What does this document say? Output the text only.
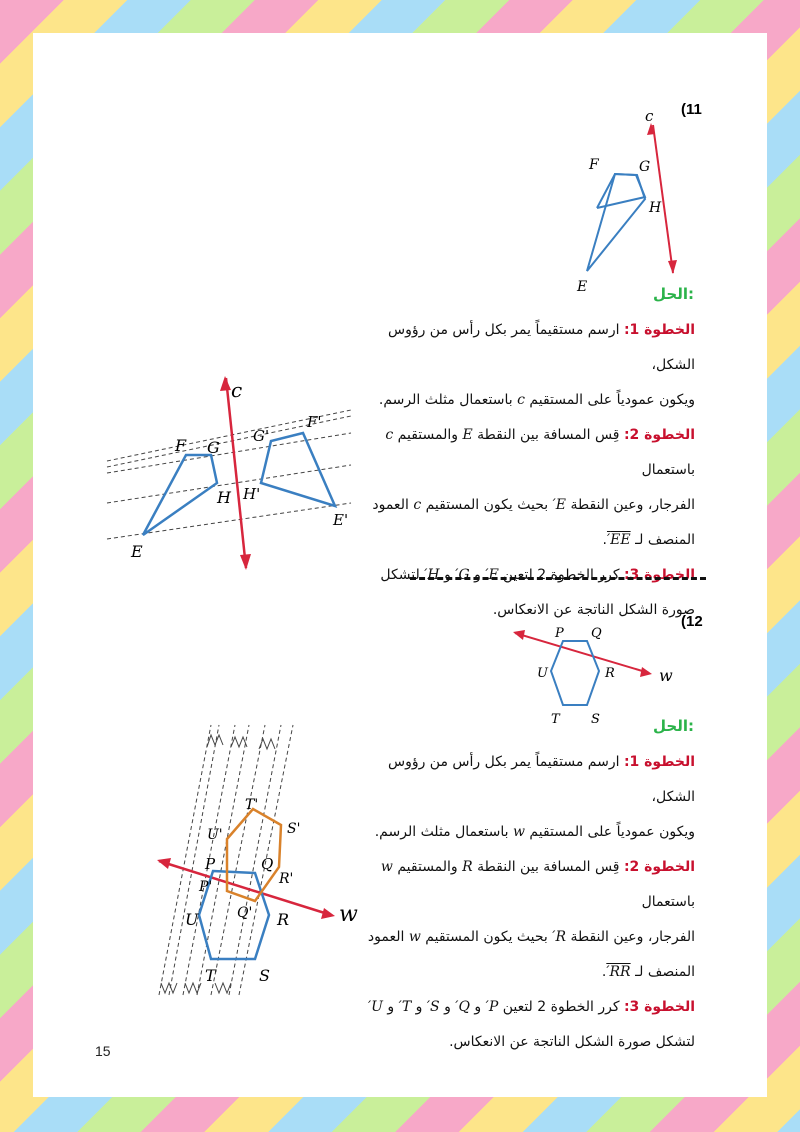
(11
c
F	G
H
E	الحل:
الخطوة 1: ارسم مستقيماً يمر بكل رأس من رؤوس الشكل،
ويكون عمودياً على المستقيم c باستعمال مثلث الرسم.
الخطوة 2: قِس المسافة بين النقطة E والمستقيم c باستعمال
الفرجار، وعين النقطة E′ بحيث يكون المستقيم c العمود
المنصف لـ EE′.
الخطوة 3: كرر الخطوة 2 لتعين F′ و G′ و H′ لتشكل
صورة الشكل الناتجة عن الانعكاس.
c
F G
H
E
G'
F'
H'
E'
(12
P Q
U	R
T S
w
الحل:
الخطوة 1: ارسم مستقيماً يمر بكل رأس من رؤوس الشكل،
ويكون عمودياً على المستقيم w باستعمال مثلث الرسم.
الخطوة 2: قِس المسافة بين النقطة R والمستقيم w باستعمال
الفرجار، وعين النقطة R′ بحيث يكون المستقيم w العمود
المنصف لـ RR′.
الخطوة 3: كرر الخطوة 2 لتعين P′ و Q′ و S′ و T′ و U′
لتشكل صورة الشكل الناتجة عن الانعكاس.
T'
S'
U'
P	Q
R'
P'
Q'
U	R
T	S
w
15
